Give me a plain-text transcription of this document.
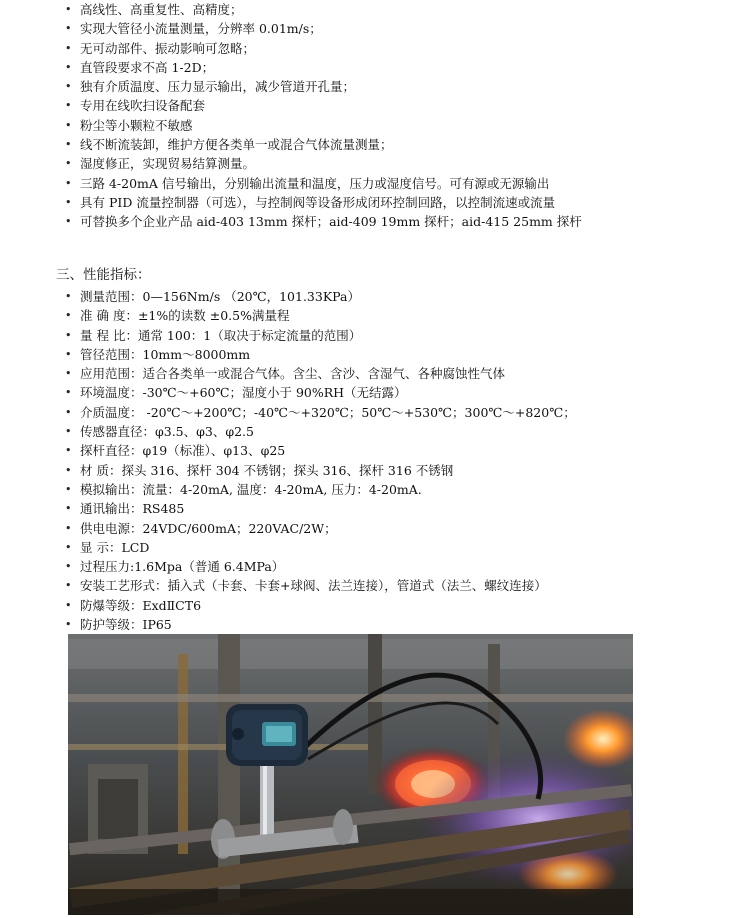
• 高线性、高重复性、高精度；
• 实现大管径小流量测量，分辨率 0.01m/s；
• 无可动部件、振动影响可忽略；
• 直管段要求不高 1-2D；
• 独有介质温度、压力显示输出，减少管道开孔量；
• 专用在线吹扫设备配套
• 粉尘等小颗粒不敏感
• 线不断流装卸，维护方便各类单一或混合气体流量测量；
• 湿度修正，实现贸易结算测量。
• 三路 4-20mA 信号输出，分别输出流量和温度，压力或湿度信号。可有源或无源输出
• 具有 PID 流量控制器（可选），与控制阀等设备形成闭环控制回路，以控制流速或流量
• 可替换多个企业产品 aid-403 13mm 探杆；aid-409 19mm 探杆；aid-415 25mm 探杆
三、性能指标：
• 测量范围：0—156Nm/s （20℃，101.33KPa）
• 准 确 度：±1%的读数 ±0.5%满量程
• 量 程 比：通常 100：1（取决于标定流量的范围）
• 管径范围：10mm～8000mm
• 应用范围：适合各类单一或混合气体。含尘、含沙、含湿气、各种腐蚀性气体
• 环境温度：-30℃～+60℃；湿度小于 90%RH（无结露）
• 介质温度： -20℃～+200℃；-40℃～+320℃；50℃～+530℃；300℃～+820℃；
• 传感器直径：φ3.5、φ3、φ2.5
• 探杆直径：φ19（标准）、φ13、φ25
• 材 质：探头 316、探杆 304 不锈钢；探头 316、探杆 316 不锈钢
• 模拟输出：流量：4-20mA, 温度：4-20mA, 压力：4-20mA.
• 通讯输出：RS485
• 供电电源：24VDC/600mA；220VAC/2W；
• 显 示：LCD
• 过程压力:1.6Mpa（普通 6.4MPa）
• 安装工艺形式：插入式（卡套、卡套+球阀、法兰连接），管道式（法兰、螺纹连接）
• 防爆等级：ExdⅡCT6
• 防护等级：IP65
